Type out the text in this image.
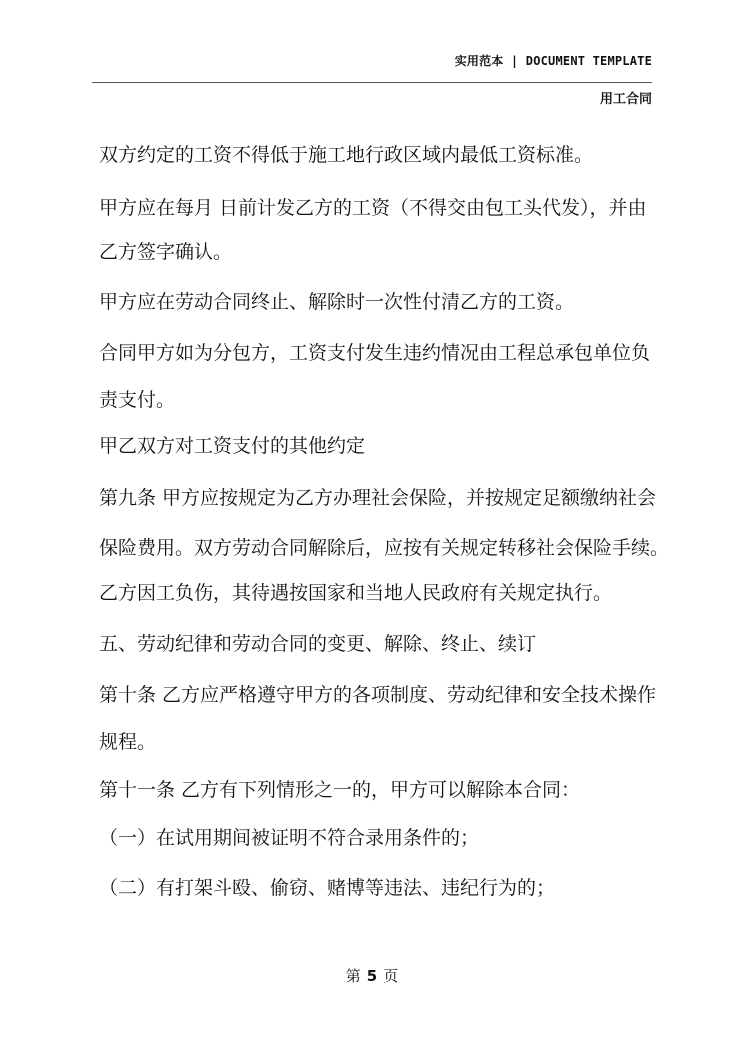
实用范本 | DOCUMENT TEMPLATE
用工合同
双方约定的工资不得低于施工地行政区域内最低工资标准。
甲方应在每月 日前计发乙方的工资（不得交由包工头代发），并由
乙方签字确认。
甲方应在劳动合同终止、解除时一次性付清乙方的工资。
合同甲方如为分包方，工资支付发生违约情况由工程总承包单位负
责支付。
甲乙双方对工资支付的其他约定
第九条 甲方应按规定为乙方办理社会保险，并按规定足额缴纳社会
保险费用。双方劳动合同解除后，应按有关规定转移社会保险手续。
乙方因工负伤，其待遇按国家和当地人民政府有关规定执行。
五、劳动纪律和劳动合同的变更、解除、终止、续订
第十条 乙方应严格遵守甲方的各项制度、劳动纪律和安全技术操作
规程。
第十一条 乙方有下列情形之一的，甲方可以解除本合同：
（一）在试用期间被证明不符合录用条件的；
（二）有打架斗殴、偷窃、赌博等违法、违纪行为的；
第 5 页
